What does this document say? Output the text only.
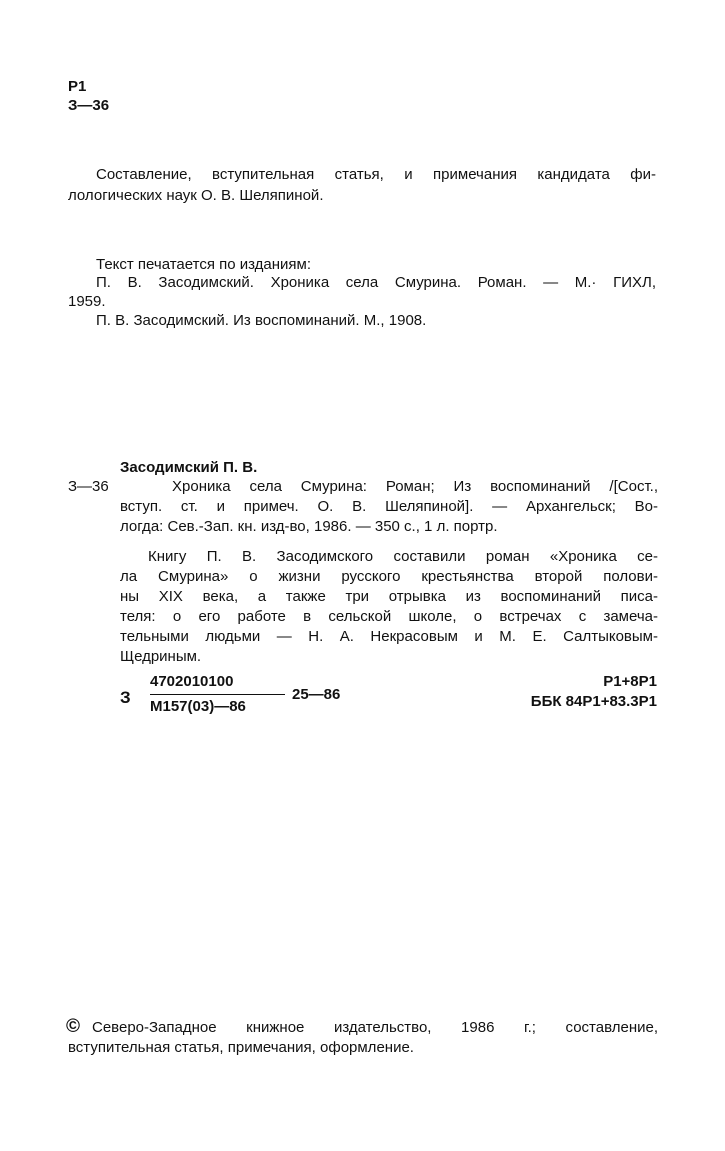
Р1
З—36
Составление, вступительная статья, и примечания кандидата фи-
лологических наук О. В. Шеляпиной.
Текст печатается по изданиям:
П. В. Засодимский. Хроника села Смурина. Роман. — М.· ГИХЛ,
1959.
П. В. Засодимский. Из воспоминаний. М., 1908.
Засодимский П. В.
З—36	Хроника села Смурина: Роман; Из воспоминаний /[Сост.,
вступ. ст. и примеч. О. В. Шеляпиной]. — Архангельск; Во-
логда: Сев.-Зап. кн. изд-во, 1986. — 350 с., 1 л. портр.
Книгу П. В. Засодимского составили роман «Хроника се-
ла Смурина» о жизни русского крестьянства второй полови-
ны XIX века, а также три отрывка из воспоминаний писа-
теля: о его работе в сельской школе, о встречах с замеча-
тельными людьми — Н. А. Некрасовым и М. Е. Салтыковым-
Щедриным.
З
4702010100
М157(03)—86
25—86
Р1+8Р1
ББК 84Р1+83.3Р1
© Северо-Западное книжное издательство, 1986 г.; составление,
вступительная статья, примечания, оформление.
